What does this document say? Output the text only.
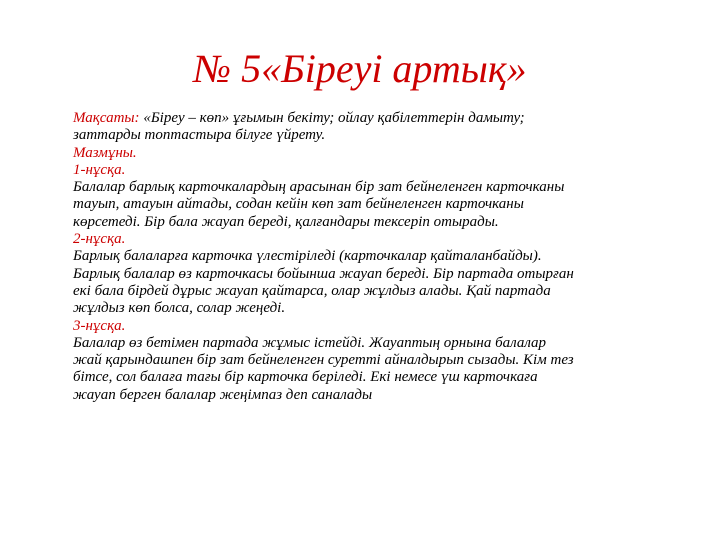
№ 5«Біреуі артық»
Мақсаты: «Біреу – көп» ұғымын бекіту; ойлау қабілеттерін дамыту;
заттарды топтастыра білуге үйрету.
Мазмұны.
1-нұсқа.
Балалар барлық карточкалардың арасынан бір зат бейнеленген карточканы
тауып, атауын айтады, содан кейін көп зат бейнеленген карточканы
көрсетеді. Бір бала жауап береді, қалғандары тексеріп отырады.
2-нұсқа.
Барлық балаларға карточка үлестіріледі (карточкалар қайталанбайды).
Барлық балалар өз карточкасы бойынша жауап береді. Бір партада отырған
екі бала бірдей дұрыс жауап қайтарса, олар жұлдыз алады. Қай партада
жұлдыз көп болса, солар жеңеді.
3-нұсқа.
Балалар өз бетімен партада жұмыс істейді. Жауаптың орнына балалар
жай қарындашпен бір зат бейнеленген суретті айналдырып сызады. Кім тез
бітсе, сол балаға тағы бір карточка беріледі. Екі немесе үш карточкаға
жауап берген балалар жеңімпаз деп саналады
